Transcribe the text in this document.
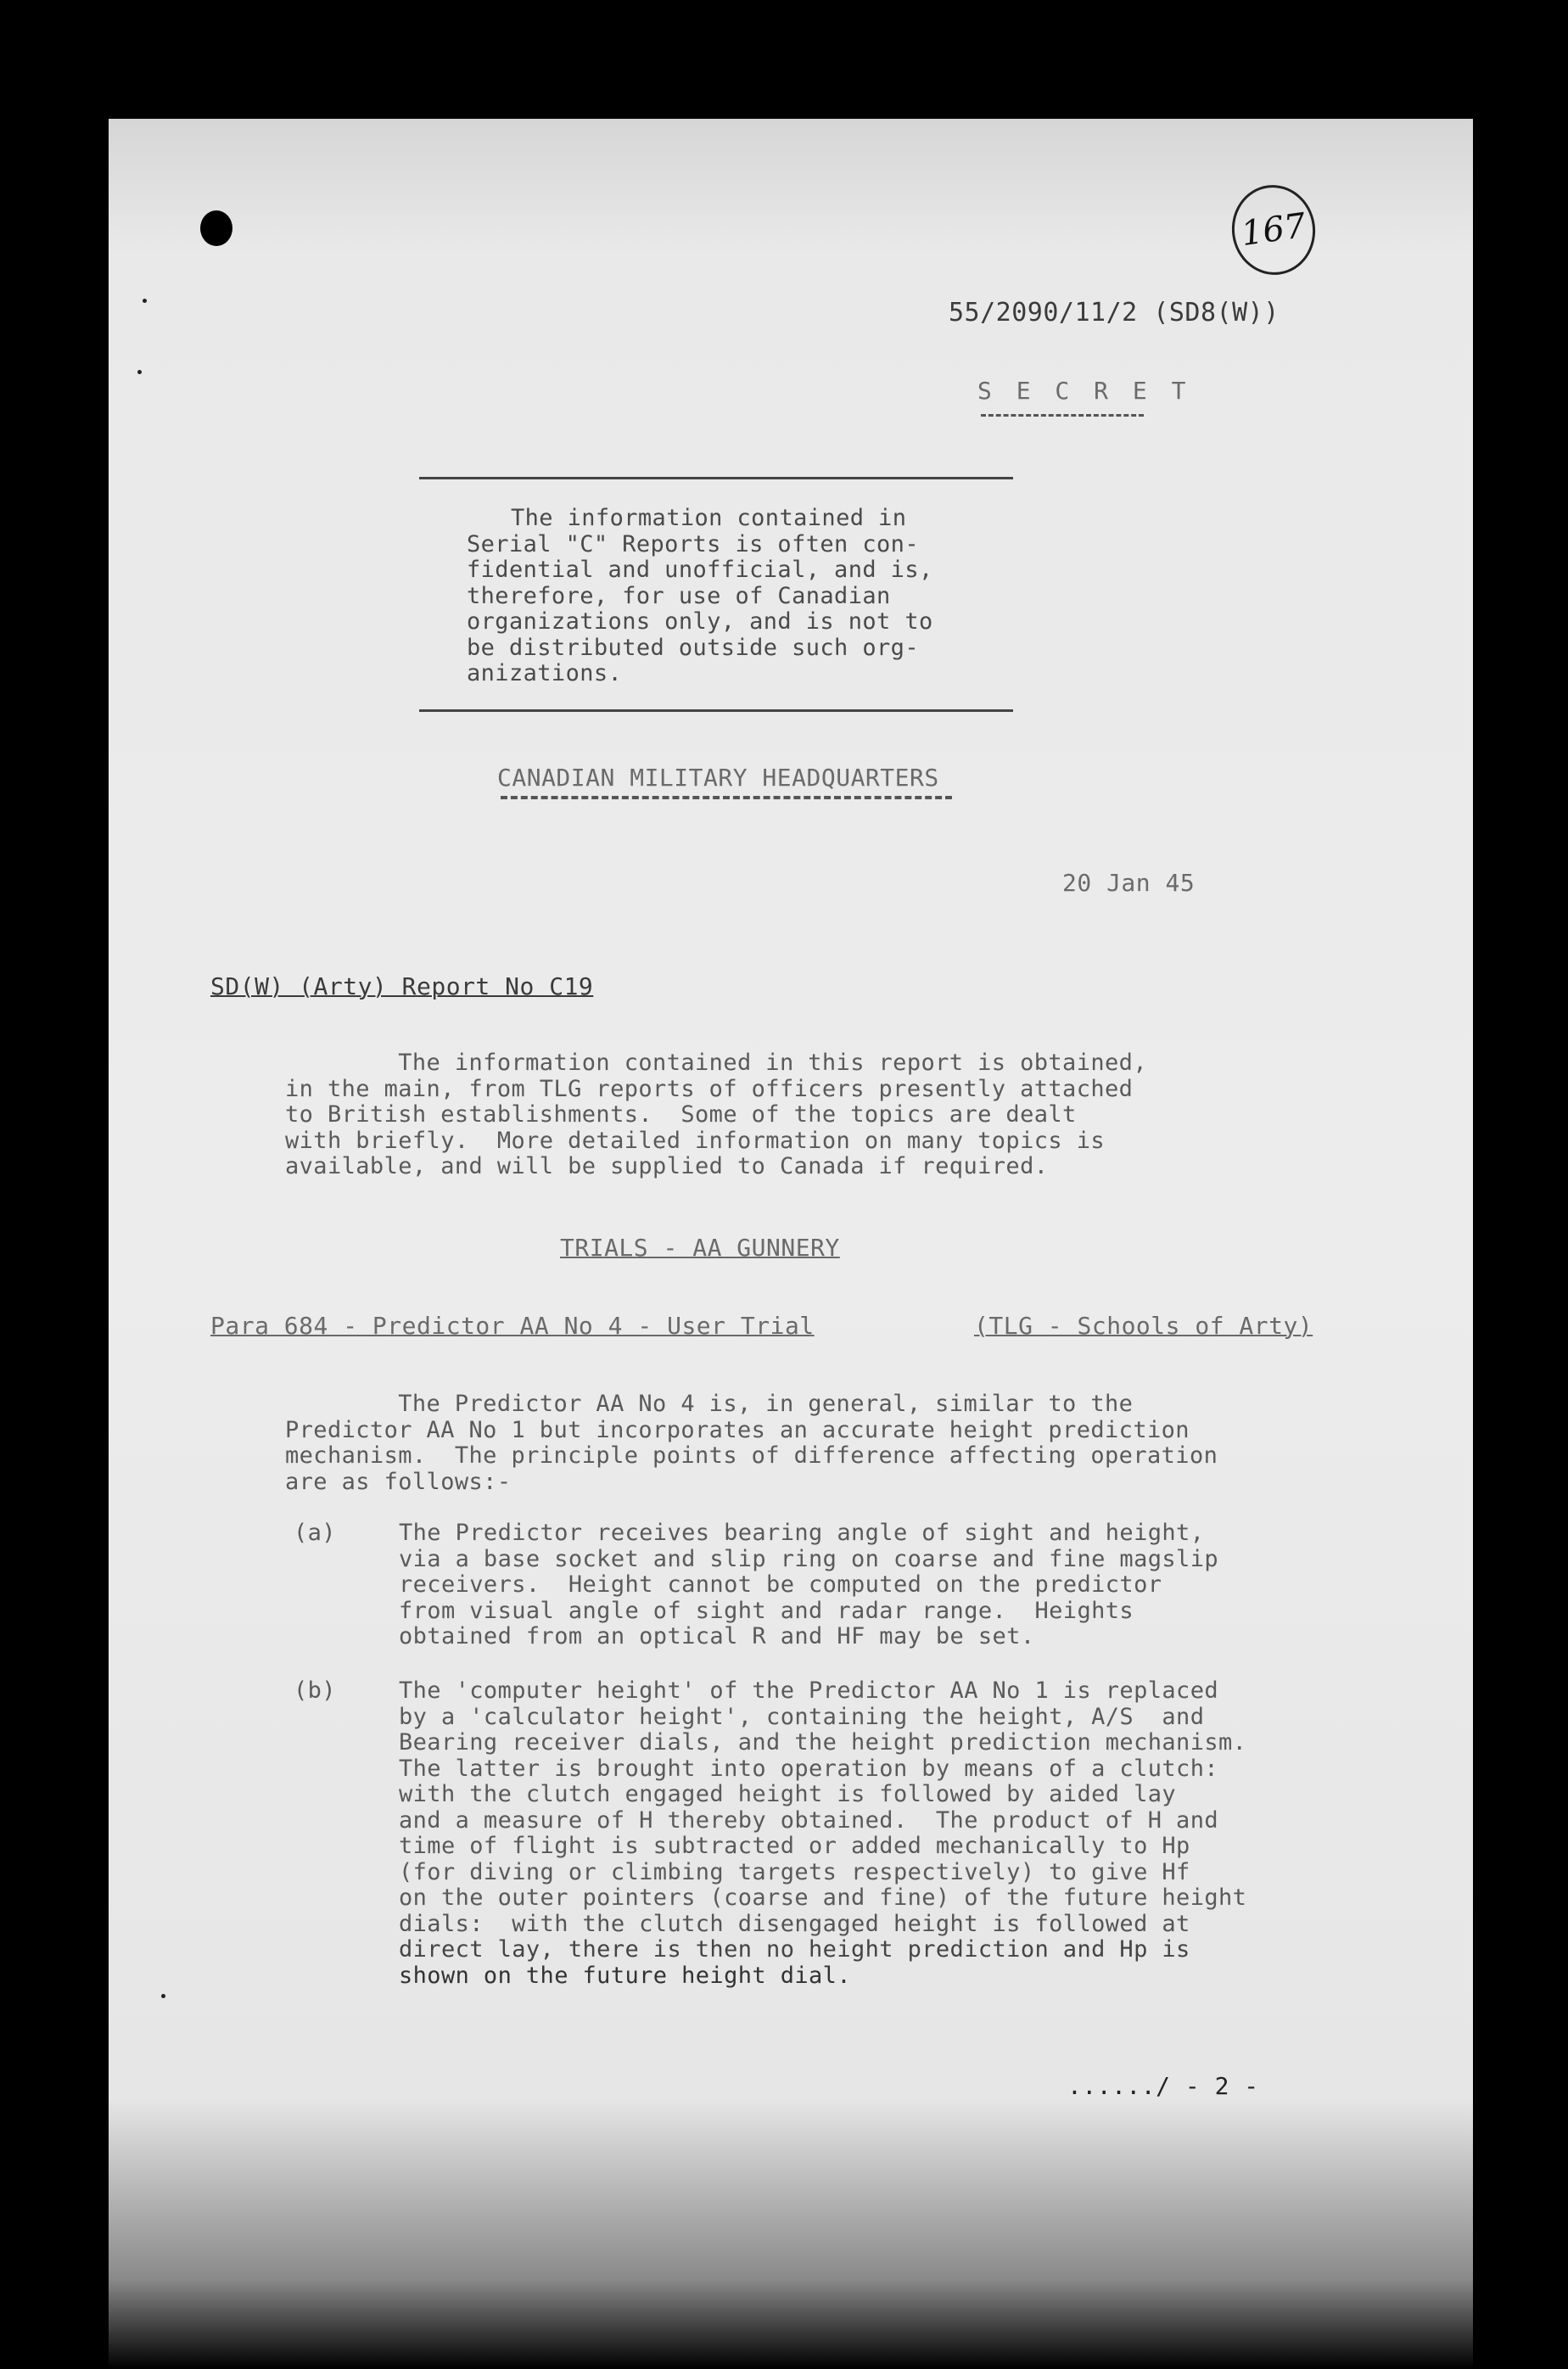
167
55/2090/11/2 (SD8(W))
S E C R E T
The information contained in
Serial "C" Reports is often con-
fidential and unofficial, and is,
therefore, for use of Canadian
organizations only, and is not to
be distributed outside such org-
anizations.
CANADIAN MILITARY HEADQUARTERS
20 Jan 45
SD(W) (Arty) Report No C19
The information contained in this report is obtained,
in the main, from TLG reports of officers presently attached
to British establishments.  Some of the topics are dealt
with briefly.  More detailed information on many topics is
available, and will be supplied to Canada if required.
TRIALS - AA GUNNERY
Para 684 - Predictor AA No 4 - User Trial	(TLG - Schools of Arty)
The Predictor AA No 4 is, in general, similar to the
Predictor AA No 1 but incorporates an accurate height prediction
mechanism.  The principle points of difference affecting operation
are as follows:-
(a)	The Predictor receives bearing angle of sight and height,
via a base socket and slip ring on coarse and fine magslip
receivers.  Height cannot be computed on the predictor
from visual angle of sight and radar range.  Heights
obtained from an optical R and HF may be set.
(b)	The 'computer height' of the Predictor AA No 1 is replaced
by a 'calculator height', containing the height, A/S  and
Bearing receiver dials, and the height prediction mechanism.
The latter is brought into operation by means of a clutch:
with the clutch engaged height is followed by aided lay
and a measure of H thereby obtained.  The product of H and
time of flight is subtracted or added mechanically to Hp
(for diving or climbing targets respectively) to give Hf
on the outer pointers (coarse and fine) of the future height
dials:  with the clutch disengaged height is followed at
direct lay, there is then no height prediction and Hp is
shown on the future height dial.
....../ - 2 -
